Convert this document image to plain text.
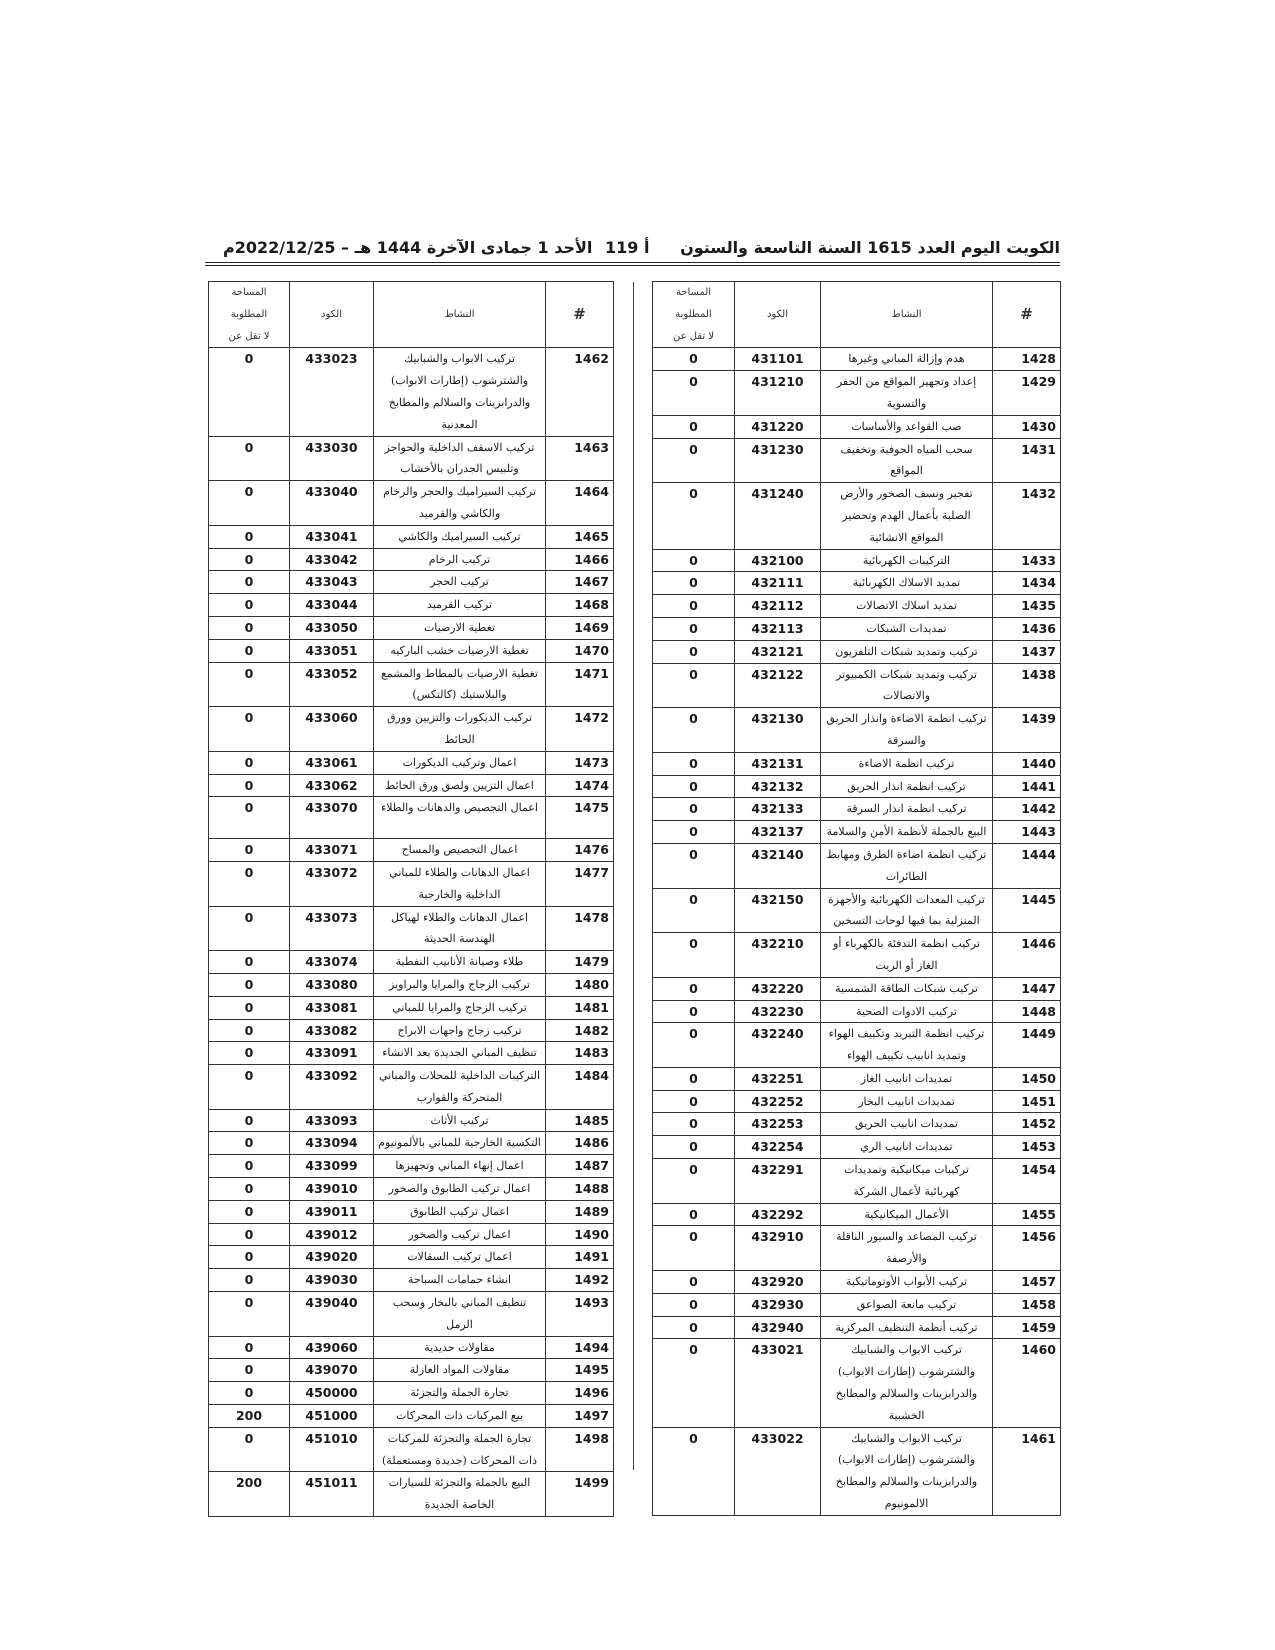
الكويت اليوم العدد 1615 السنة التاسعة والستون
أ 119
الأحد 1 جمادى الآخرة 1444 هـ – 2022/12/25م
#	النشاط	الكود	المساحة
المطلوبة
لا تقل عن
1428	هدم وإزالة المباني وغيرها	431101	0
1429	إعداد وتجهيز المواقع من الحفر والتسوية	431210	0
1430	صب القواعد والأساسات	431220	0
1431	سحب المياه الجوفية وتخفيف المواقع	431230	0
1432	تفجير ونسف الصخور والأرض الصلبة بأعمال الهدم وتحضير المواقع الانشائية	431240	0
1433	التركيبات الكهربائية	432100	0
1434	تمديد الاسلاك الكهربائية	432111	0
1435	تمديد اسلاك الاتصالات	432112	0
1436	تمديدات الشبكات	432113	0
1437	تركيب وتمديد شبكات التلفزيون	432121	0
1438	تركيب وتمديد شبكات الكمبيوتر والاتصالات	432122	0
1439	تركيب انظمة الاضاءة وانذار الحريق والسرقة	432130	0
1440	تركيب انظمة الاضاءة	432131	0
1441	تركيب انظمة انذار الحريق	432132	0
1442	تركيب انظمة انذار السرقة	432133	0
1443	البيع بالجملة لأنظمة الأمن والسلامة	432137	0
1444	تركيب انظمة اضاءة الطرق ومهابط الطائرات	432140	0
1445	تركيب المعدات الكهربائية والأجهزة المنزلية بما فيها لوحات التسخين	432150	0
1446	تركيب انظمة التدفئة بالكهرباء أو الغاز أو الزيت	432210	0
1447	تركيب شبكات الطاقة الشمسية	432220	0
1448	تركيب الادوات الصحية	432230	0
1449	تركيب انظمة التبريد وتكييف الهواء وتمديد انابيب تكييف الهواء	432240	0
1450	تمديدات انابيب الغاز	432251	0
1451	تمديدات انابيب البخار	432252	0
1452	تمديدات انابيب الحريق	432253	0
1453	تمديدات انابيب الري	432254	0
1454	تركيبات ميكانيكية وتمديدات كهربائية لأعمال الشركة	432291	0
1455	الأعمال الميكانيكية	432292	0
1456	تركيب المصاعد والسيور الناقلة والأرصفة	432910	0
1457	تركيب الأبواب الأوتوماتيكية	432920	0
1458	تركيب مانعة الصواعق	432930	0
1459	تركيب أنظمة التنظيف المركزية	432940	0
1460	تركيب الابواب والشبابيك والشترشوب (إطارات الابواب) والدرابزينات والسلالم والمطابخ الخشبية	433021	0
1461	تركيب الابواب والشبابيك والشترشوب (إطارات الابواب) والدرابزينات والسلالم والمطابخ الالمونيوم	433022	0
#	النشاط	الكود	المساحة
المطلوبة
لا تقل عن
1462	تركيب الابواب والشبابيك والشترشوب (إطارات الابواب) والدرابزينات والسلالم والمطابخ المعدنية	433023	0
1463	تركيب الاسقف الداخلية والحواجز وتلبيس الجدران بالأخشاب	433030	0
1464	تركيب السيراميك والحجر والرخام والكاشي والقرميد	433040	0
1465	تركيب السيراميك والكاشي	433041	0
1466	تركيب الرخام	433042	0
1467	تركيب الحجر	433043	0
1468	تركيب القرميد	433044	0
1469	تغطية الارضيات	433050	0
1470	تغطية الارضيات خشب الباركيه	433051	0
1471	تغطية الارضيات بالمطاط والمشمع والبلاستيك (كالتكس)	433052	0
1472	تركيب الديكورات والتزيين وورق الحائط	433060	0
1473	اعمال وتركيب الديكورات	433061	0
1474	اعمال التزيين ولصق ورق الحائط	433062	0
1475	اعمال التجصيص والدهانات والطلاء	433070	0
1476	اعمال التجصيص والمساح	433071	0
1477	اعمال الدهانات والطلاء للمباني الداخلية والخارجية	433072	0
1478	اعمال الدهانات والطلاء لهياكل الهندسة الحديثة	433073	0
1479	طلاء وصيانة الأنابيب النفطية	433074	0
1480	تركيب الزجاج والمرايا والبراويز	433080	0
1481	تركيب الزجاج والمرايا للمباني	433081	0
1482	تركيب زجاج واجهات الابراج	433082	0
1483	تنظيف المباني الجديدة بعد الانشاء	433091	0
1484	التركيبات الداخلية للمحلات والمباني المتحركة والقوارب	433092	0
1485	تركيب الأثاث	433093	0
1486	التكسية الخارجية للمباني بالألمونيوم	433094	0
1487	اعمال إنهاء المباني وتجهيزها	433099	0
1488	اعمال تركيب الطابوق والصخور	439010	0
1489	اعمال تركيب الطابوق	439011	0
1490	اعمال تركيب والصخور	439012	0
1491	اعمال تركيب السقالات	439020	0
1492	انشاء حمامات السباحة	439030	0
1493	تنظيف المباني بالبخار وسحب الرمل	439040	0
1494	مقاولات حديدية	439060	0
1495	مقاولات المواد العازلة	439070	0
1496	تجارة الجملة والتجزئة	450000	0
1497	بيع المركبات ذات المحركات	451000	200
1498	تجارة الجملة والتجزئة للمركبات ذات المحركات (جديدة ومستعملة)	451010	0
1499	البيع بالجملة والتجزئة للسيارات الخاصة الجديدة	451011	200
